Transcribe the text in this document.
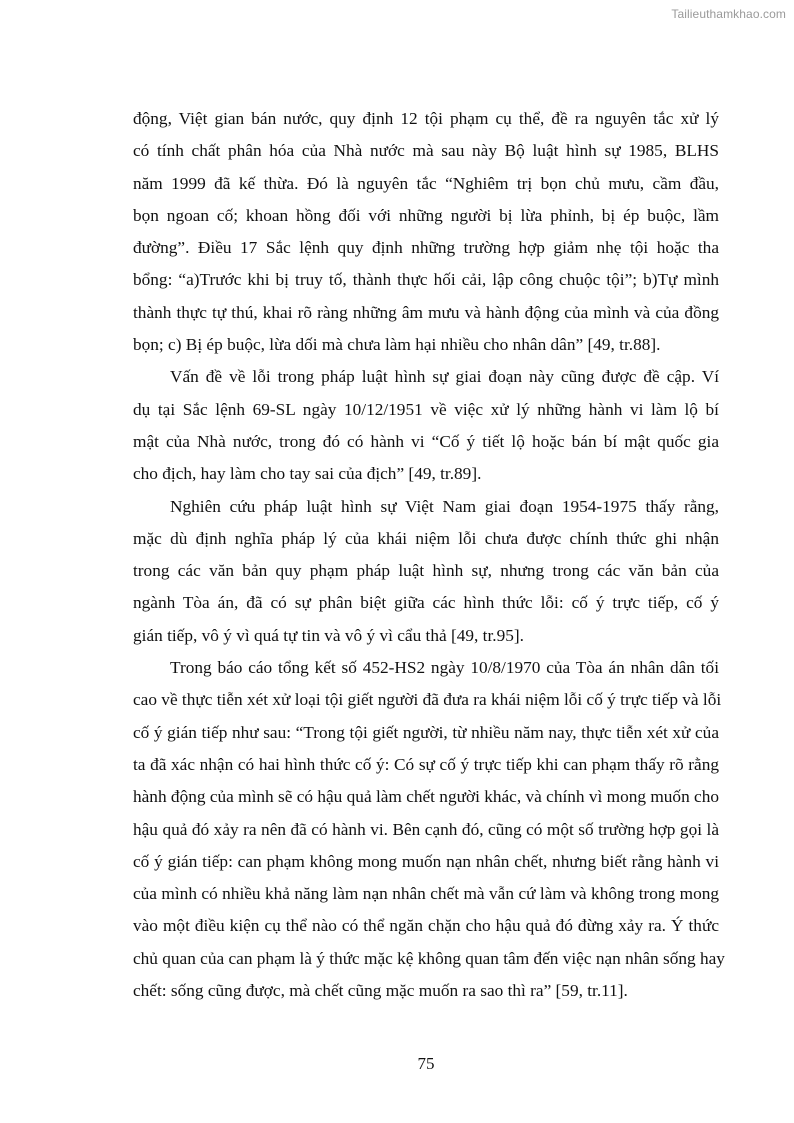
Tailieuthamkhao.com
động, Việt gian bán nước, quy định 12 tội phạm cụ thể, đề ra nguyên tắc xử lý
có tính chất phân hóa của Nhà nước mà sau này Bộ luật hình sự 1985, BLHS
năm 1999 đã kế thừa. Đó là nguyên tắc “Nghiêm trị bọn chủ mưu, cầm đầu,
bọn ngoan cố; khoan hồng đối với những người bị lừa phỉnh, bị ép buộc, lầm
đường”. Điều 17 Sắc lệnh quy định những trường hợp giảm nhẹ tội hoặc tha
bổng: “a)Trước khi bị truy tố, thành thực hối cải, lập công chuộc tội”; b)Tự mình
thành thực tự thú, khai rõ ràng những âm mưu và hành động của mình và của đồng
bọn; c) Bị ép buộc, lừa dối mà chưa làm hại nhiều cho nhân dân” [49, tr.88].
Vấn đề về lỗi trong pháp luật hình sự giai đoạn này cũng được đề cập. Ví
dụ tại Sắc lệnh 69-SL ngày 10/12/1951 về việc xử lý những hành vi làm lộ bí
mật của Nhà nước, trong đó có hành vi “Cố ý tiết lộ hoặc bán bí mật quốc gia
cho địch, hay làm cho tay sai của địch” [49, tr.89].
Nghiên cứu pháp luật hình sự Việt Nam giai đoạn 1954-1975 thấy rằng,
mặc dù định nghĩa pháp lý của khái niệm lỗi chưa được chính thức ghi nhận
trong các văn bản quy phạm pháp luật hình sự, nhưng trong các văn bản của
ngành Tòa án, đã có sự phân biệt giữa các hình thức lỗi: cố ý trực tiếp, cố ý
gián tiếp, vô ý vì quá tự tin và vô ý vì cẩu thả [49, tr.95].
Trong báo cáo tổng kết số 452-HS2 ngày 10/8/1970 của Tòa án nhân dân tối
cao về thực tiễn xét xử loại tội giết người đã đưa ra khái niệm lỗi cố ý trực tiếp và lỗi
cố ý gián tiếp như sau: “Trong tội giết người, từ nhiều năm nay, thực tiễn xét xử của
ta đã xác nhận có hai hình thức cố ý: Có sự cố ý trực tiếp khi can phạm thấy rõ rằng
hành động của mình sẽ có hậu quả làm chết người khác, và chính vì mong muốn cho
hậu quả đó xảy ra nên đã có hành vi. Bên cạnh đó, cũng có một số trường hợp gọi là
cố ý gián tiếp: can phạm không mong muốn nạn nhân chết, nhưng biết rằng hành vi
của mình có nhiều khả năng làm nạn nhân chết mà vẫn cứ làm và không trong mong
vào một điều kiện cụ thể nào có thể ngăn chặn cho hậu quả đó đừng xảy ra. Ý thức
chủ quan của can phạm là ý thức mặc kệ không quan tâm đến việc nạn nhân sống hay
chết: sống cũng được, mà chết cũng mặc muốn ra sao thì ra” [59, tr.11].
75
